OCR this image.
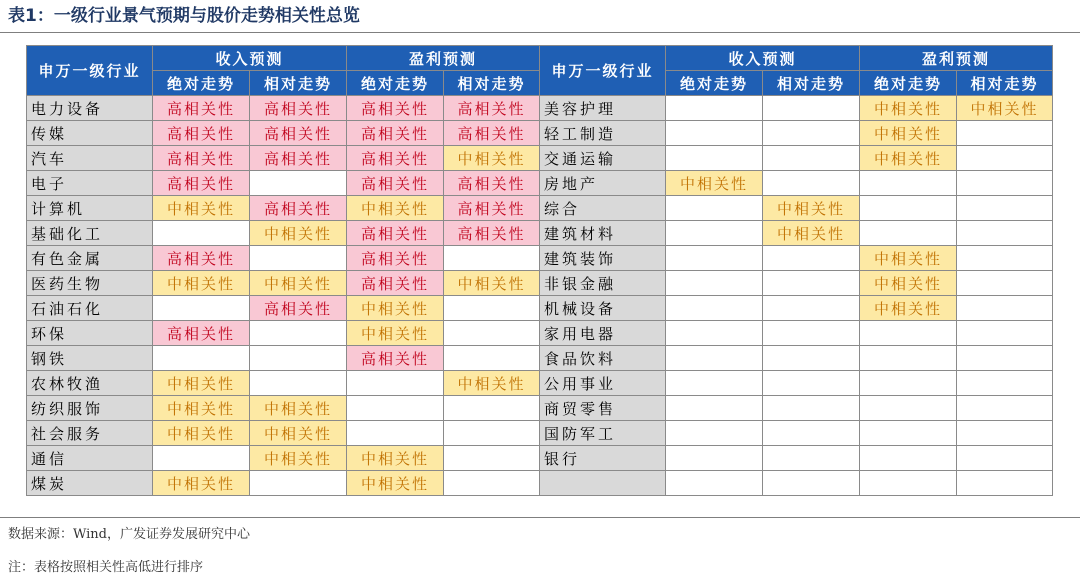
表1：一级行业景气预期与股价走势相关性总览
申万一级行业	收入预测		盈利预测		申万一级行业	收入预测		盈利预测	
	绝对走势	相对走势	绝对走势	相对走势		绝对走势	相对走势	绝对走势	相对走势
电力设备	高相关性	高相关性	高相关性	高相关性	美容护理			中相关性	中相关性
传媒	高相关性	高相关性	高相关性	高相关性	轻工制造			中相关性	
汽车	高相关性	高相关性	高相关性	中相关性	交通运输			中相关性	
电子	高相关性		高相关性	高相关性	房地产	中相关性			
计算机	中相关性	高相关性	中相关性	高相关性	综合		中相关性		
基础化工		中相关性	高相关性	高相关性	建筑材料		中相关性		
有色金属	高相关性		高相关性		建筑装饰			中相关性	
医药生物	中相关性	中相关性	高相关性	中相关性	非银金融			中相关性	
石油石化		高相关性	中相关性		机械设备			中相关性	
环保	高相关性		中相关性		家用电器				
钢铁			高相关性		食品饮料				
农林牧渔	中相关性			中相关性	公用事业				
纺织服饰	中相关性	中相关性			商贸零售				
社会服务	中相关性	中相关性			国防军工				
通信		中相关性	中相关性		银行				
煤炭	中相关性		中相关性						
数据来源：Wind，广发证券发展研究中心
注：表格按照相关性高低进行排序
